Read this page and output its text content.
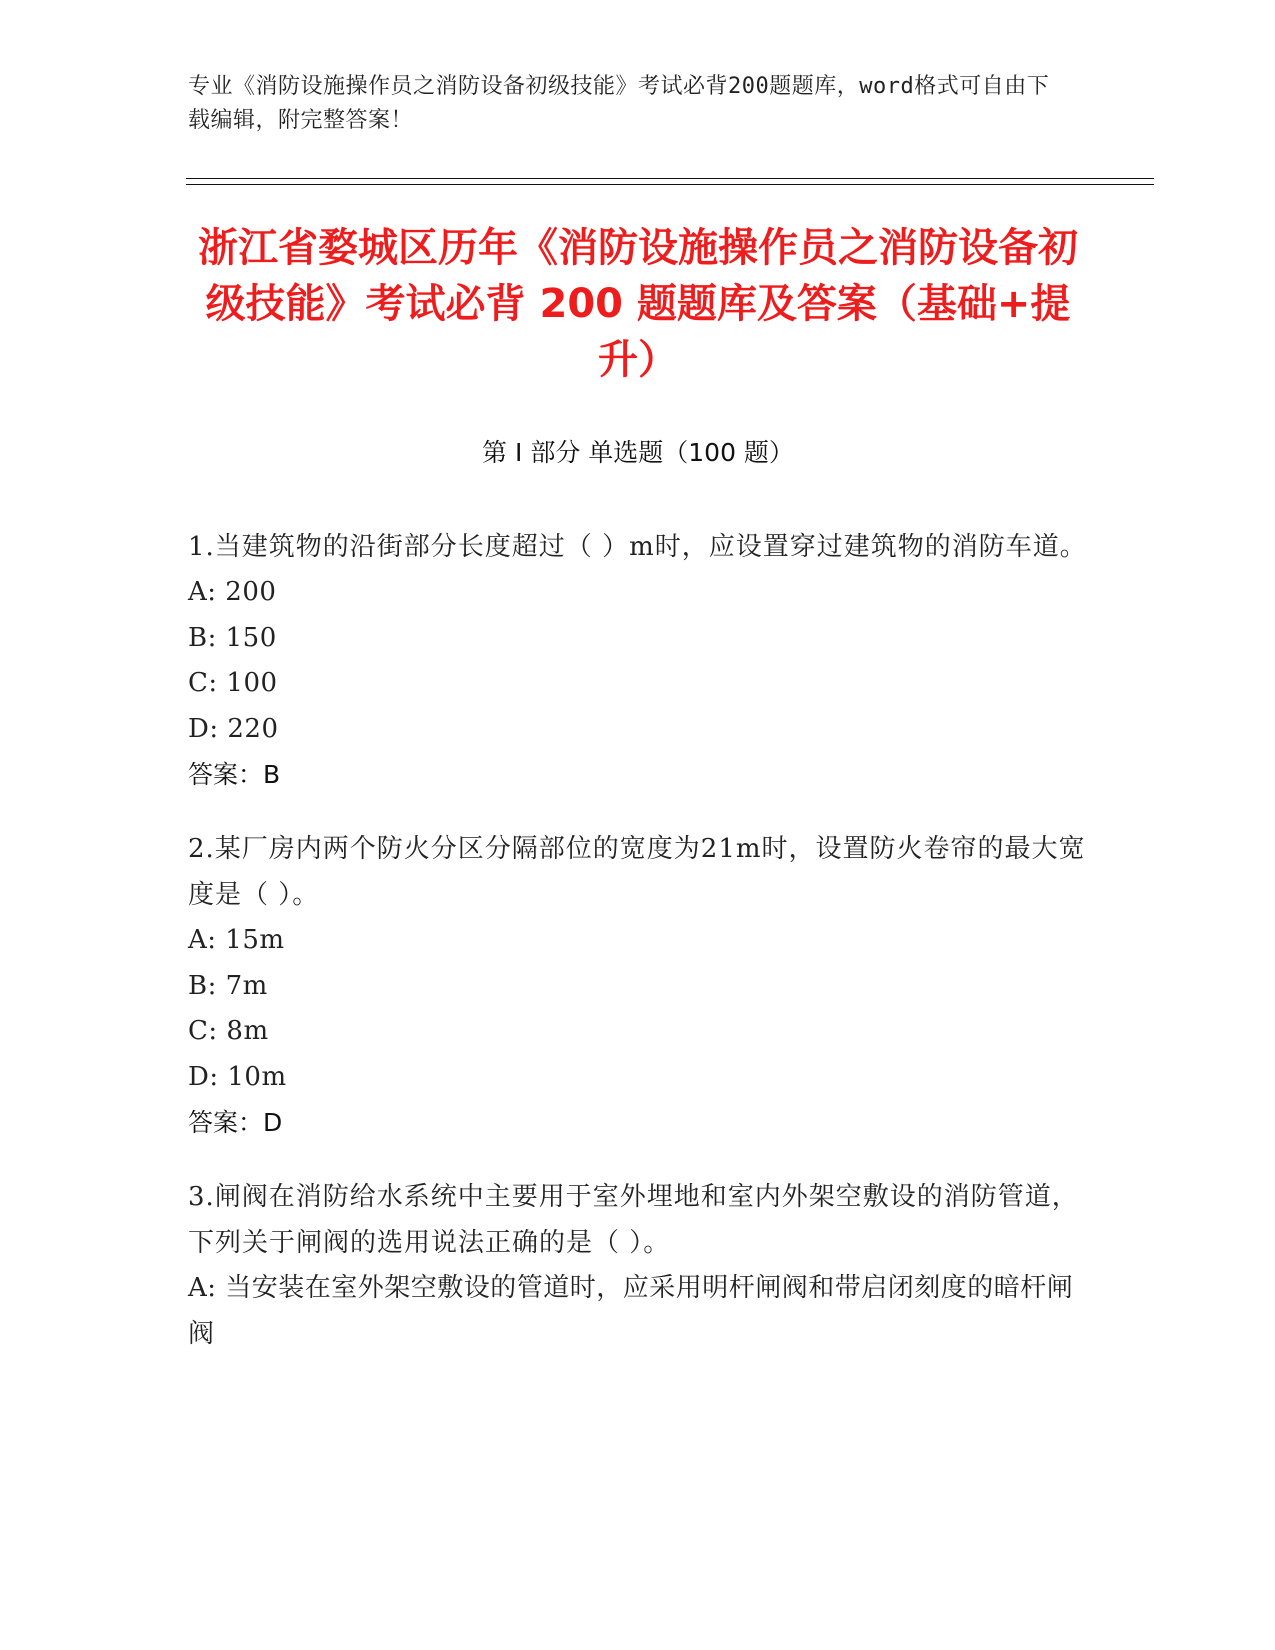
专业《消防设施操作员之消防设备初级技能》考试必背200题题库，word格式可自由下载编辑，附完整答案！
浙江省婺城区历年《消防设施操作员之消防设备初级技能》考试必背 200 题题库及答案（基础+提升）
第 I 部分 单选题（100 题）
1.当建筑物的沿街部分长度超过（ ）m时，应设置穿过建筑物的消防车道。
A: 200
B: 150
C: 100
D: 220
答案：B
2.某厂房内两个防火分区分隔部位的宽度为21m时，设置防火卷帘的最大宽度是（ ）。
A: 15m
B: 7m
C: 8m
D: 10m
答案：D
3.闸阀在消防给水系统中主要用于室外埋地和室内外架空敷设的消防管道，下列关于闸阀的选用说法正确的是（ ）。
A: 当安装在室外架空敷设的管道时，应采用明杆闸阀和带启闭刻度的暗杆闸阀
